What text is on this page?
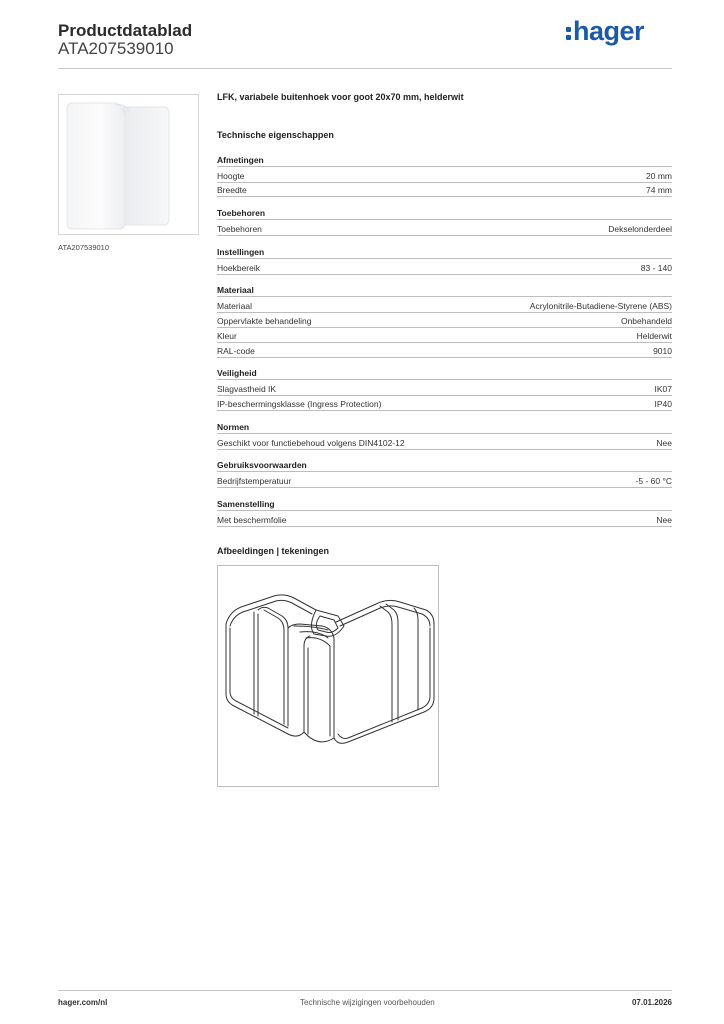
Productdatablad
ATA207539010
hager
ATA207539010
LFK, variabele buitenhoek voor goot 20x70 mm, helderwit
Technische eigenschappen
Afmetingen
Hoogte	20 mm
Breedte	74 mm
Toebehoren
Toebehoren	Dekselonderdeel
Instellingen
Hoekbereik	83 - 140
Materiaal
Materiaal	Acrylonitrile-Butadiene-Styrene (ABS)
Oppervlakte behandeling	Onbehandeld
Kleur	Helderwit
RAL-code	9010
Veiligheid
Slagvastheid IK	IK07
IP-beschermingsklasse (Ingress Protection)	IP40
Normen
Geschikt voor functiebehoud volgens DIN4102-12	Nee
Gebruiksvoorwaarden
Bedrijfstemperatuur	-5 - 60 °C
Samenstelling
Met beschermfolie	Nee
Afbeeldingen | tekeningen
hager.com/nl	Technische wijzigingen voorbehouden	07.01.2026
